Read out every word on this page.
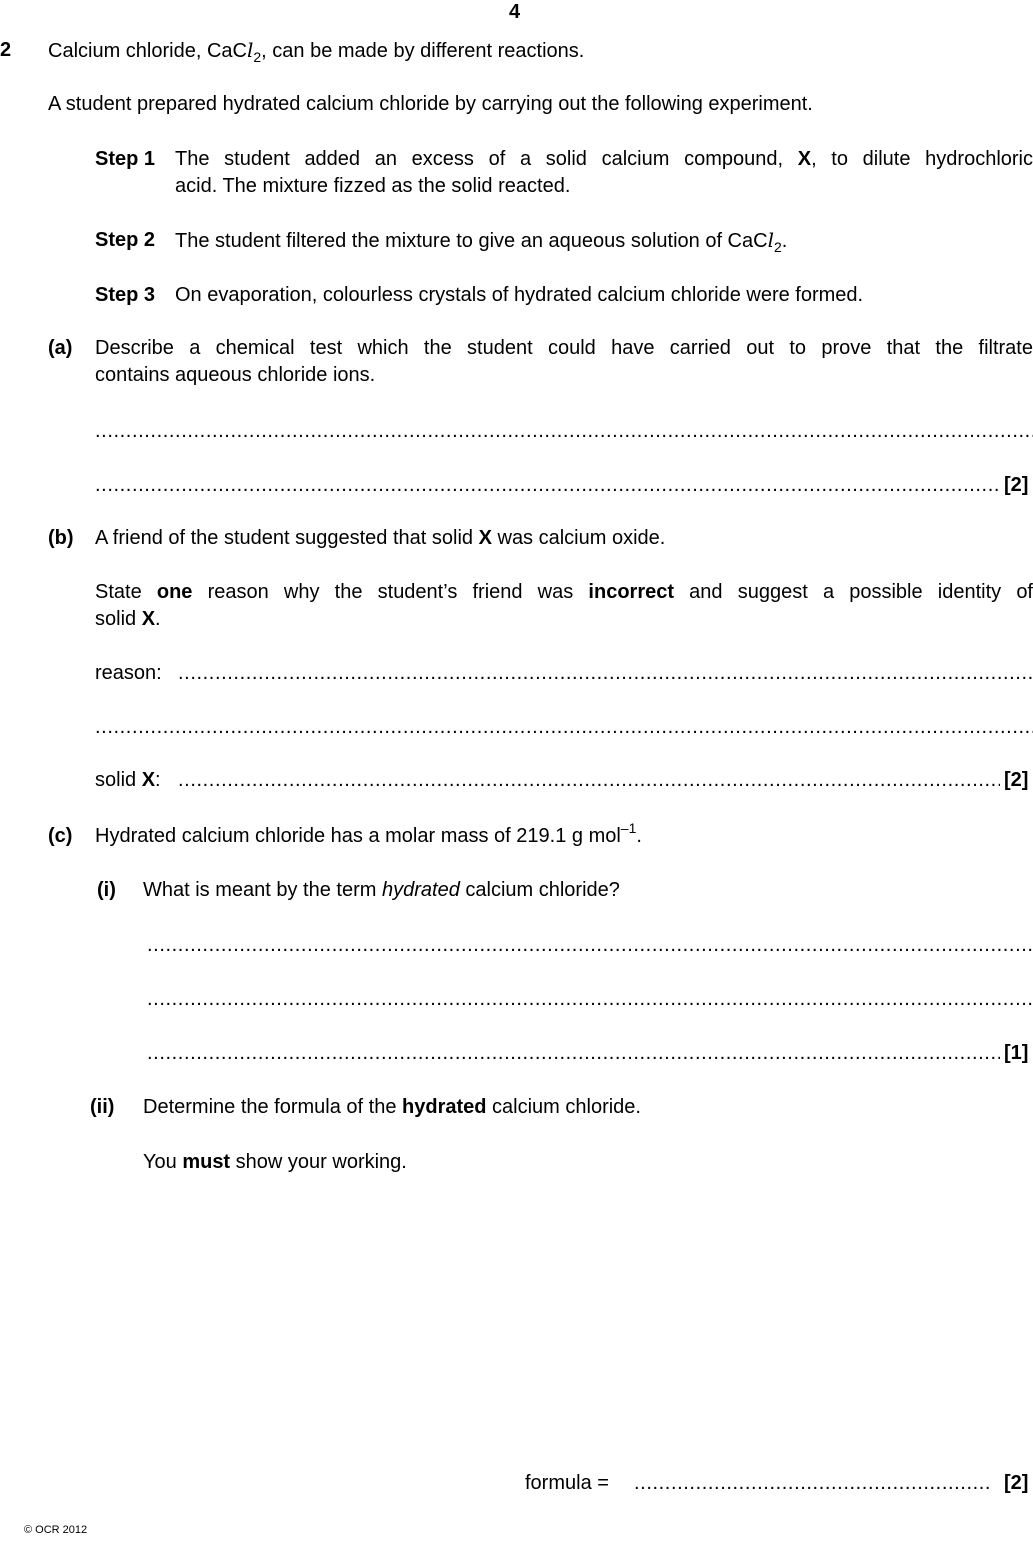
4
2 Calcium chloride, CaCl$_2$, can be made by different reactions.
A student prepared hydrated calcium chloride by carrying out the following experiment.
Step 1 The student added an excess of a solid calcium compound, X, to dilute hydrochloric
acid. The mixture fizzed as the solid reacted.
Step 2 The student filtered the mixture to give an aqueous solution of CaCl$_2$.
Step 3 On evaporation, colourless crystals of hydrated calcium chloride were formed.
(a) Describe a chemical test which the student could have carried out to prove that the filtrate
contains aqueous chloride ions.
.....
.....
[2]
(b) A friend of the student suggested that solid X was calcium oxide.
State one reason why the student’s friend was incorrect and suggest a possible identity of
solid X.
reason:
.....
.....
solid X: .....	[2]
(c) Hydrated calcium chloride has a molar mass of 219.1 g mol$^{-1}$.
(i) What is meant by the term hydrated calcium chloride?
.....
.....
.....
[1]
(ii) Determine the formula of the hydrated calcium chloride.
You must show your working.
formula = .....	[2]
© OCR 2012
